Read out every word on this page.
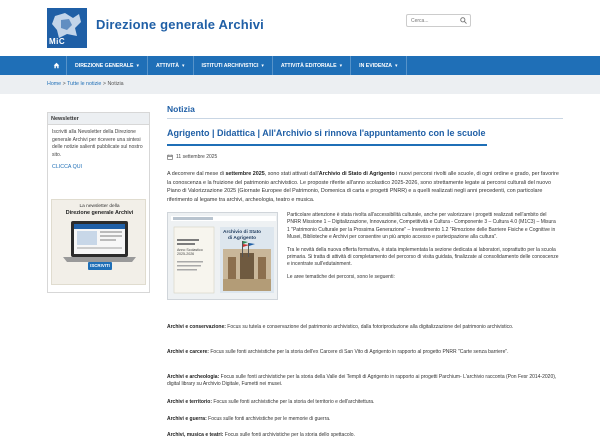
MiC
Direzione generale Archivi
Cerca...
DIREZIONE GENERALE ▾	ATTIVITÀ ▾	ISTITUTI ARCHIVISTICI ▾	ATTIVITÀ EDITORIALE ▾	IN EVIDENZA ▾
Home > Tutte le notizie > Notizia
Newsletter
Iscriviti alla Newsletter della Direzione generale Archivi per ricevere una sintesi delle notizie salienti pubblicate sul nostro sito.
CLICCA QUI
La newsletter della
Direzione generale Archivi
ISCRIVITI
Notizia
Agrigento | Didattica | All'Archivio si rinnova l'appuntamento con le scuole
11 settembre 2025
A decorrere dal mese di settembre 2025, sono stati attivati dall'Archivio di Stato di Agrigento i nuovi percorsi rivolti alle scuole, di ogni ordine e grado, per favorire la conoscenza e la fruizione del patrimonio archivistico. Le proposte riferite all'anno scolastico 2025-2026, sono strettamente legate ai percorsi culturali del nuovo Piano di Valorizzazione 2025 (Giornate Europee del Patrimonio, Domenica di carta e progetti PNRR) e a quelli realizzati negli anni precedenti, con particolare riferimento al legame tra archivi, archeologia, teatro e musica.
Archivio di Stato
di Agrigento
Anno Scolastico 2025-2026

Particolare attenzione è stata rivolta all'accessibilità culturale, anche per valorizzare i progetti realizzati nell'ambito del PNRR Missione 1 – Digitalizzazione, Innovazione, Competitività e Cultura - Componente 3 – Cultura 4.0 (M1C3) – Misura 1 "Patrimonio Culturale per la Prossima Generazione" – Investimento 1.2 "Rimozione delle Barriere Fisiche e Cognitive in Musei, Biblioteche e Archivi per consentire un più ampio accesso e partecipazione alla cultura".

Tra le novità della nuova offerta formativa, è stata implementata la sezione dedicata ai laboratori, soprattutto per la scuola primaria. Si tratta di attività di completamento del percorso di visita guidata, finalizzate al consolidamento delle conoscenze e incentrate sull'edutainment.

Le aree tematiche dei percorsi, sono le seguenti:

Archivi e conservazione: Focus su tutela e conservazione del patrimonio archivistico, dalla fotoriproduzione alla digitalizzazione del patrimonio archivistico.
Archivi e carcere: Focus sulle fonti archivistiche per la storia dell'ex Carcere di San Vito di Agrigento in rapporto al progetto PNRR "Carte senza barriere".
Archivi e archeologia: Focus sulle fonti archivistiche per la storia della Valle dei Templi di Agrigento in rapporto ai progetti Parchium- L'archivio racconta (Pon Fesr 2014-2020), digital library su Archivio Digitale, Fumetti nei musei.
Archivi e territorio: Focus sulle fonti archivistiche per la storia del territorio e dell'architettura.
Archivi e guerra: Focus sulle fonti archivistiche per le memorie di guerra.
Archivi, musica e teatri: Focus sulle fonti archivistiche per la storia dello spettacolo.
